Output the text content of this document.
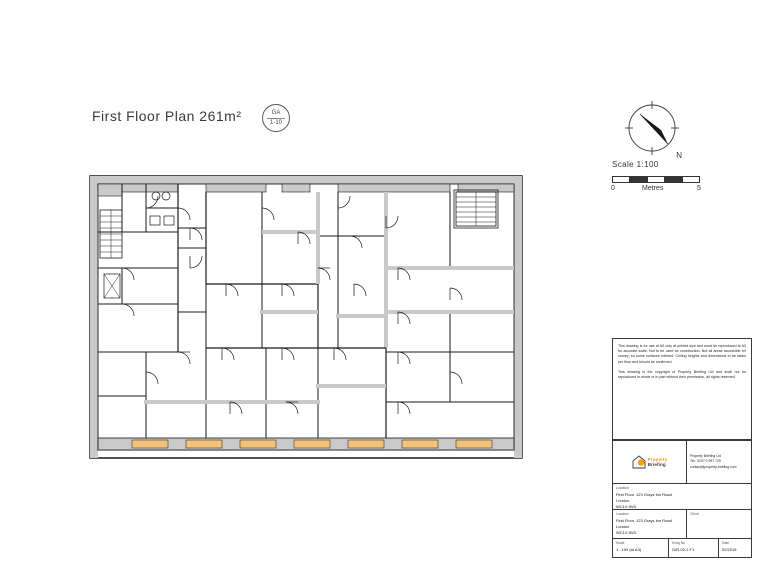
First Floor Plan 261m²	GA
1-10
N
Scale 1:100
0	Metres	5

This drawing is for use at A3 only at printed size and must be reproduced at A3 for accurate scale. Not to be used for construction. Not all areas accessible for survey; so some surfaces inferred. Ceiling heights and dimensions to be taken per floor and should be confirmed.

This drawing is the copyright of Property Briefing Ltd and shall not be reproduced in whole or in part without their permission, all rights reserved.

Property
Briefing
Property Briefing Ltd
Tel.: 0207 0 997 729
contact@property-briefing.com
Location
First Floor, 123 Grays Inn Road
London
WC1X 8VD
Location
First Floor, 123 Grays Inn Road
London
WC1X 8VD
Client
Scale
1 : 100 (at A3)
Drwg No
GIR-02-1.F1
Date
02/2016
